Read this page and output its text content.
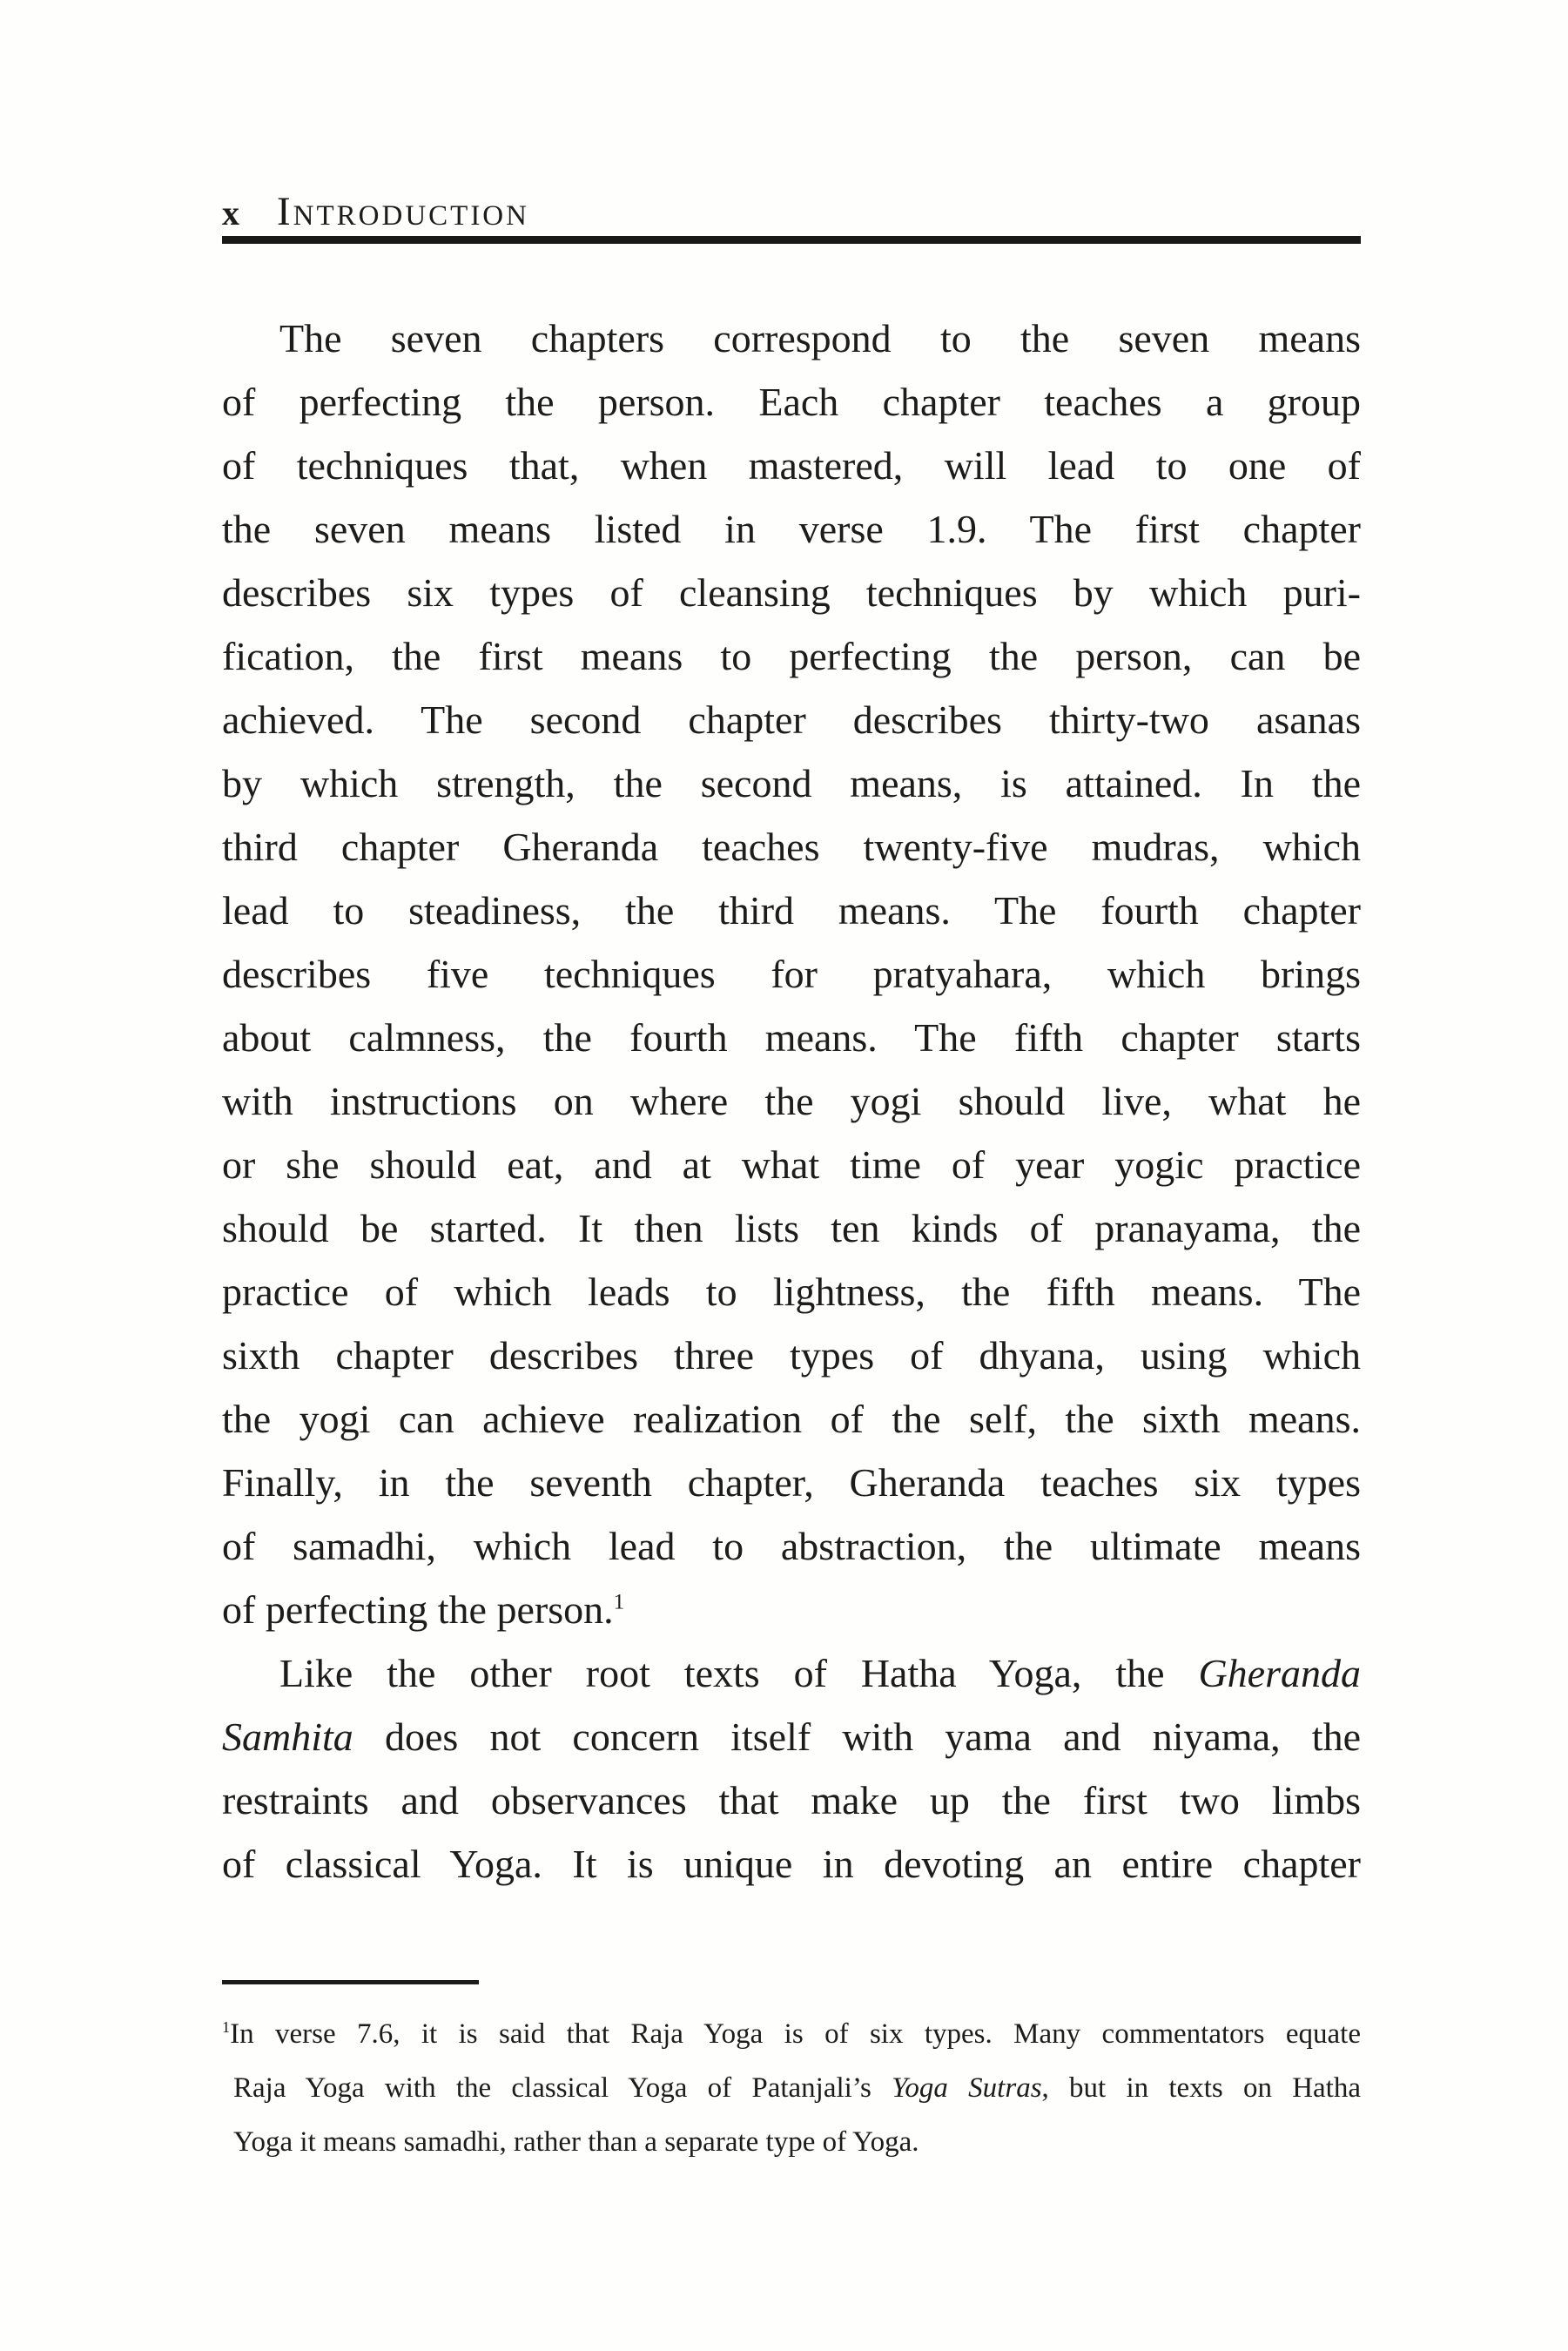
x Introduction
The seven chapters correspond to the seven means
of perfecting the person. Each chapter teaches a group
of techniques that, when mastered, will lead to one of
the seven means listed in verse 1.9. The first chapter
describes six types of cleansing techniques by which puri-
fication, the first means to perfecting the person, can be
achieved. The second chapter describes thirty-two asanas
by which strength, the second means, is attained. In the
third chapter Gheranda teaches twenty-five mudras, which
lead to steadiness, the third means. The fourth chapter
describes five techniques for pratyahara, which brings
about calmness, the fourth means. The fifth chapter starts
with instructions on where the yogi should live, what he
or she should eat, and at what time of year yogic practice
should be started. It then lists ten kinds of pranayama, the
practice of which leads to lightness, the fifth means. The
sixth chapter describes three types of dhyana, using which
the yogi can achieve realization of the self, the sixth means.
Finally, in the seventh chapter, Gheranda teaches six types
of samadhi, which lead to abstraction, the ultimate means
of perfecting the person.$^1$
Like the other root texts of Hatha Yoga, the Gheranda
Samhita does not concern itself with yama and niyama, the
restraints and observances that make up the first two limbs
of classical Yoga. It is unique in devoting an entire chapter
$^1$In verse 7.6, it is said that Raja Yoga is of six types. Many commentators equate
Raja Yoga with the classical Yoga of Patanjali’s Yoga Sutras, but in texts on Hatha
Yoga it means samadhi, rather than a separate type of Yoga.
